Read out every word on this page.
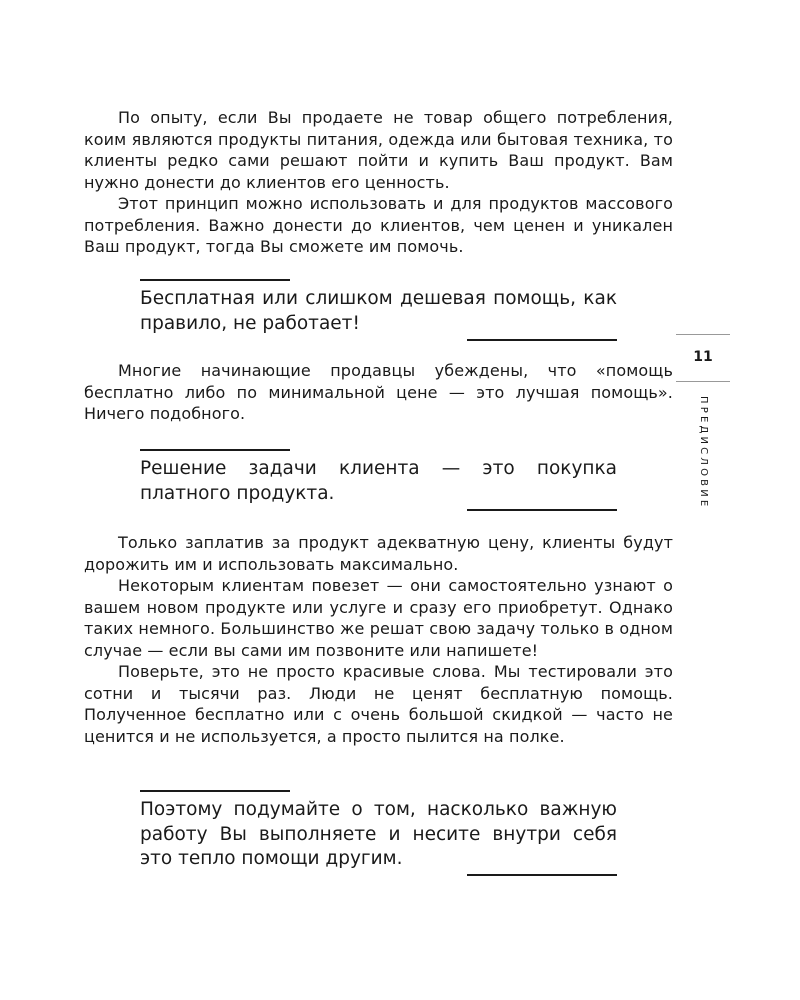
По опыту, если Вы продаете не товар общего потребления, коим являются продукты питания, одежда или бытовая техника, то клиенты редко сами решают пойти и купить Ваш продукт. Вам нужно донести до клиентов его ценность.

Этот принцип можно использовать и для продуктов массового потребления. Важно донести до клиентов, чем ценен и уникален Ваш продукт, тогда Вы сможете им помочь.

Бесплатная или слишком дешевая помощь, как правило, не работает!

Многие начинающие продавцы убеждены, что «помощь бесплатно либо по минимальной цене — это лучшая помощь». Ничего подобного.

Решение задачи клиента — это покупка платного продукта.

Только заплатив за продукт адекватную цену, клиенты будут дорожить им и использовать максимально.

Некоторым клиентам повезет — они самостоятельно узнают о вашем новом продукте или услуге и сразу его приобретут. Однако таких немного. Большинство же решат свою задачу только в одном случае — если вы сами им позвоните или напишете!

Поверьте, это не просто красивые слова. Мы тестировали это сотни и тысячи раз. Люди не ценят бесплатную помощь. Полученное бесплатно или с очень большой скидкой — часто не ценится и не используется, а просто пылится на полке.

Поэтому подумайте о том, насколько важную работу Вы выполняете и несите внутри себя это тепло помощи другим.

11
ПРЕДИСЛОВИЕ
